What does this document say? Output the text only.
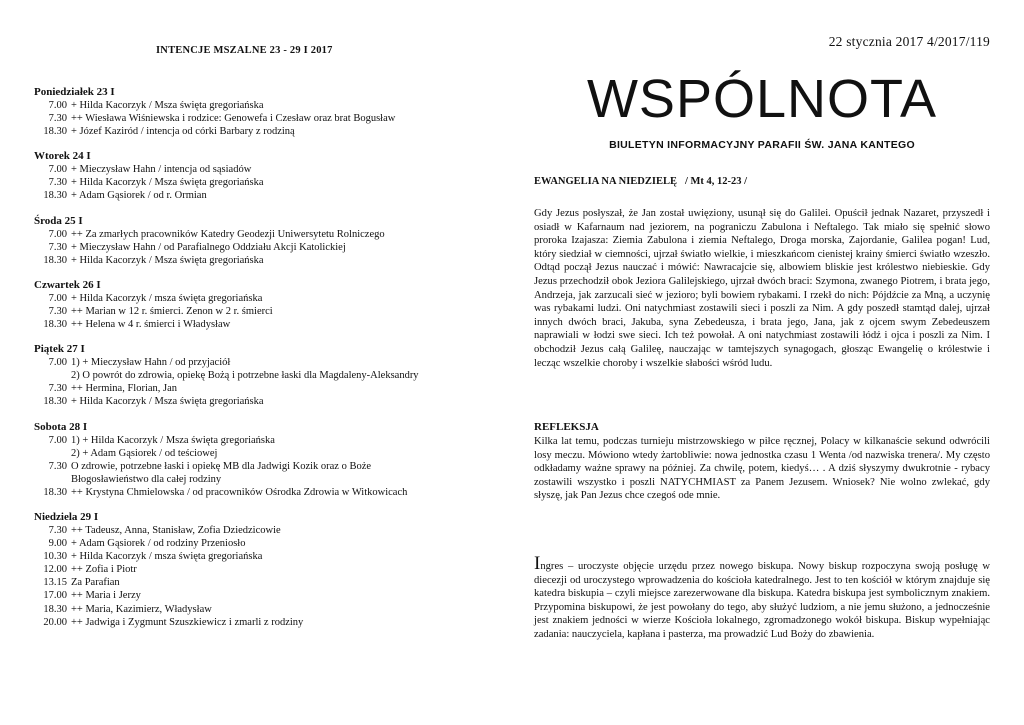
INTENCJE MSZALNE 23 - 29 I 2017
Poniedziałek 23 I
7.00 + Hilda Kacorzyk / Msza święta gregoriańska
7.30 ++ Wiesława Wiśniewska i rodzice: Genowefa i Czesław oraz brat Bogusław
18.30 + Józef Kaziród / intencja od córki Barbary z rodziną
Wtorek 24 I
7.00 + Mieczysław Hahn / intencja od sąsiadów
7.30 + Hilda Kacorzyk / Msza święta gregoriańska
18.30 + Adam Gąsiorek / od r. Ormian
Środa 25 I
7.00 ++ Za zmarłych pracowników Katedry Geodezji Uniwersytetu Rolniczego
7.30 + Mieczysław Hahn / od Parafialnego Oddziału Akcji Katolickiej
18.30 + Hilda Kacorzyk / Msza święta gregoriańska
Czwartek 26 I
7.00 + Hilda Kacorzyk / msza święta gregoriańska
7.30 ++ Marian w 12 r. śmierci. Zenon w 2 r. śmierci
18.30 ++ Helena w 4 r. śmierci i Władysław
Piątek 27 I
7.00 1) + Mieczysław Hahn / od przyjaciół
2) O powrót do zdrowia, opiekę Bożą i potrzebne łaski dla Magdaleny-Aleksandry
7.30 ++ Hermina, Florian, Jan
18.30 + Hilda Kacorzyk / Msza święta gregoriańska
Sobota 28 I
7.00 1) + Hilda Kacorzyk / Msza święta gregoriańska
2) + Adam Gąsiorek / od teściowej
7.30 O zdrowie, potrzebne łaski i opiekę MB dla Jadwigi Kozik oraz o Boże
Błogosławieństwo dla całej rodziny
18.30 ++ Krystyna Chmielowska / od pracowników Ośrodka Zdrowia w Witkowicach
Niedziela 29 I
7.30 ++ Tadeusz, Anna, Stanisław, Zofia Dziedzicowie
9.00 + Adam Gąsiorek / od rodziny Przeniosło
10.30 + Hilda Kacorzyk / msza święta gregoriańska
12.00 ++ Zofia i Piotr
13.15 Za Parafian
17.00 ++ Maria i Jerzy
18.30 ++ Maria, Kazimierz, Władysław
20.00 ++ Jadwiga i Zygmunt Szuszkiewicz i zmarli z rodziny
22 stycznia 2017 4/2017/119
WSPÓLNOTA
BIULETYN INFORMACYJNY PARAFII ŚW. JANA KANTEGO
EWANGELIA NA NIEDZIELĘ / Mt 4, 12-23 /
Gdy Jezus posłyszał, że Jan został uwięziony, usunął się do Galilei. Opuścił jednak Nazaret, przyszedł i osiadł w Kafarnaum nad jeziorem, na pograniczu Zabulona i Neftalego. Tak miało się spełnić słowo proroka Izajasza: Ziemia Zabulona i ziemia Neftalego, Droga morska, Zajordanie, Galilea pogan! Lud, który siedział w ciemności, ujrzał światło wielkie, i mieszkańcom cienistej krainy śmierci światło wzeszło. Odtąd począł Jezus nauczać i mówić: Nawracajcie się, albowiem bliskie jest królestwo niebieskie. Gdy Jezus przechodził obok Jeziora Galilejskiego, ujrzał dwóch braci: Szymona, zwanego Piotrem, i brata jego, Andrzeja, jak zarzucali sieć w jezioro; byli bowiem rybakami. I rzekł do nich: Pójdźcie za Mną, a uczynię was rybakami ludzi. Oni natychmiast zostawili sieci i poszli za Nim. A gdy poszedł stamtąd dalej, ujrzał innych dwóch braci, Jakuba, syna Zebedeusza, i brata jego, Jana, jak z ojcem swym Zebedeuszem naprawiali w łodzi swe sieci. Ich też powołał. A oni natychmiast zostawili łódź i ojca i poszli za Nim. I obchodził Jezus całą Galileę, nauczając w tamtejszych synagogach, głosząc Ewangelię o królestwie i lecząc wszelkie choroby i wszelkie słabości wśród ludu.
REFLEKSJA
Kilka lat temu, podczas turnieju mistrzowskiego w piłce ręcznej, Polacy w kilkanaście sekund odwrócili losy meczu. Mówiono wtedy żartobliwie: nowa jednostka czasu 1 Wenta /od nazwiska trenera/. My często odkładamy ważne sprawy na później. Za chwilę, potem, kiedyś… . A dziś słyszymy dwukrotnie - rybacy zostawili wszystko i poszli NATYCHMIAST za Panem Jezusem. Wniosek? Nie wolno zwlekać, gdy słyszę, jak Pan Jezus chce czegoś ode mnie.
Ingres – uroczyste objęcie urzędu przez nowego biskupa. Nowy biskup rozpoczyna swoją posługę w diecezji od uroczystego wprowadzenia do kościoła katedralnego. Jest to ten kościół w którym znajduje się katedra biskupia – czyli miejsce zarezerwowane dla biskupa. Katedra biskupa jest symbolicznym znakiem. Przypomina biskupowi, że jest powołany do tego, aby służyć ludziom, a nie jemu służono, a jednocześnie jest znakiem jedności w wierze Kościoła lokalnego, zgromadzonego wokół biskupa. Biskup wypełniając zadania: nauczyciela, kapłana i pasterza, ma prowadzić Lud Boży do zbawienia.
